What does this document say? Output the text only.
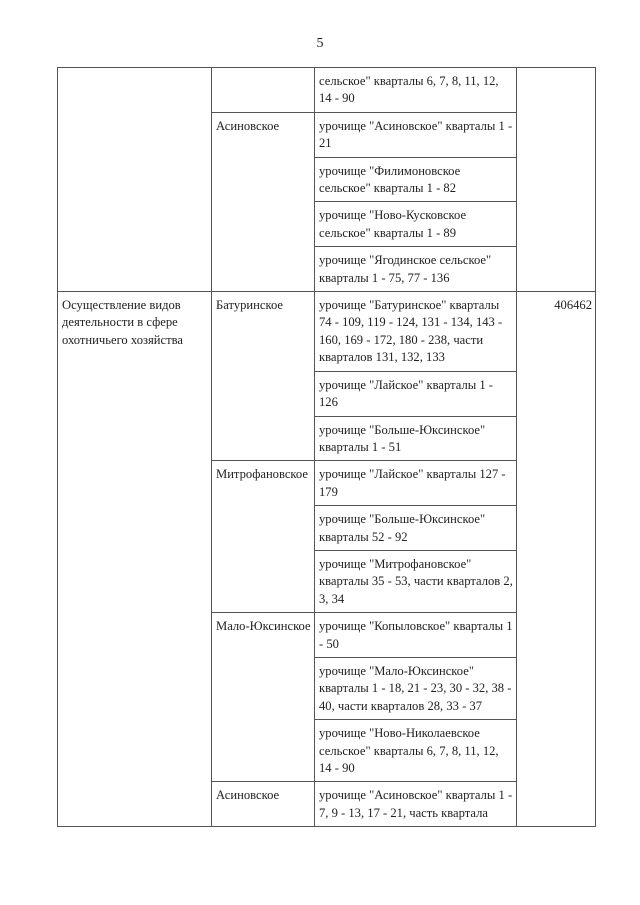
5
		сельское" кварталы 6, 7, 8, 11, 12, 14 - 90	
	Асиновское	урочище "Асиновское" кварталы 1 - 21	
		урочище "Филимоновское сельское" кварталы 1 - 82	
		урочище "Ново-Кусковское сельское" кварталы 1 - 89	
		урочище "Ягодинское сельское" кварталы 1 - 75, 77 - 136	
Осуществление видов деятельности в сфере охотничьего хозяйства	Батуринское	урочище "Батуринское" кварталы 74 - 109, 119 - 124, 131 - 134, 143 - 160, 169 - 172, 180 - 238, части кварталов 131, 132, 133	406462
		урочище "Лайское" кварталы 1 - 126	
		урочище "Больше-Юксинское" кварталы 1 - 51	
	Митрофановское	урочище "Лайское" кварталы 127 - 179	
		урочище "Больше-Юксинское" кварталы 52 - 92	
		урочище "Митрофановское" кварталы 35 - 53, части кварталов 2, 3, 34	
	Мало-Юксинское	урочище "Копыловское" кварталы 1 - 50	
		урочище "Мало-Юксинское" кварталы 1 - 18, 21 - 23, 30 - 32, 38 - 40, части кварталов 28, 33 - 37	
		урочище "Ново-Николаевское сельское" кварталы 6, 7, 8, 11, 12, 14 - 90	
	Асиновское	урочище "Асиновское" кварталы 1 - 7, 9 - 13, 17 - 21, часть квартала	
